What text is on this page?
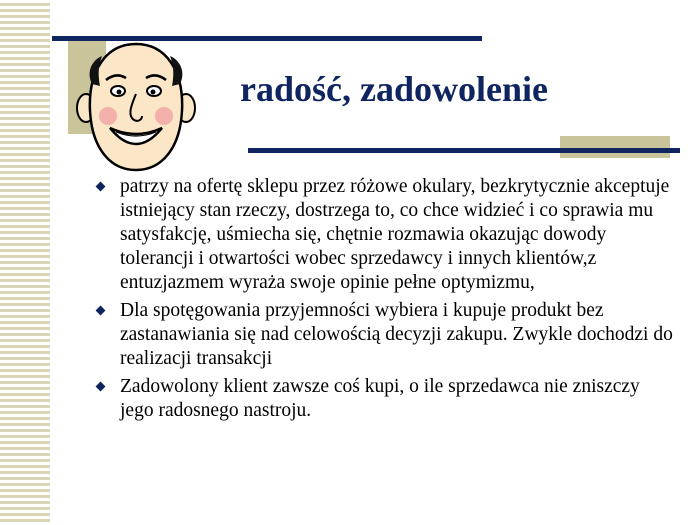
radość, zadowolenie
patrzy na ofertę sklepu przez różowe okulary, bezkrytycznie akceptuje istniejący stan rzeczy, dostrzega to, co chce widzieć i co sprawia mu satysfakcję, uśmiecha się, chętnie rozmawia okazując dowody tolerancji i otwartości wobec sprzedawcy i innych klientów,z entuzjazmem wyraża swoje opinie pełne optymizmu,
Dla spotęgowania przyjemności wybiera i kupuje produkt bez zastanawiania się nad celowością decyzji zakupu. Zwykle dochodzi do realizacji transakcji
Zadowolony klient zawsze coś kupi, o ile sprzedawca nie zniszczy jego radosnego nastroju.
